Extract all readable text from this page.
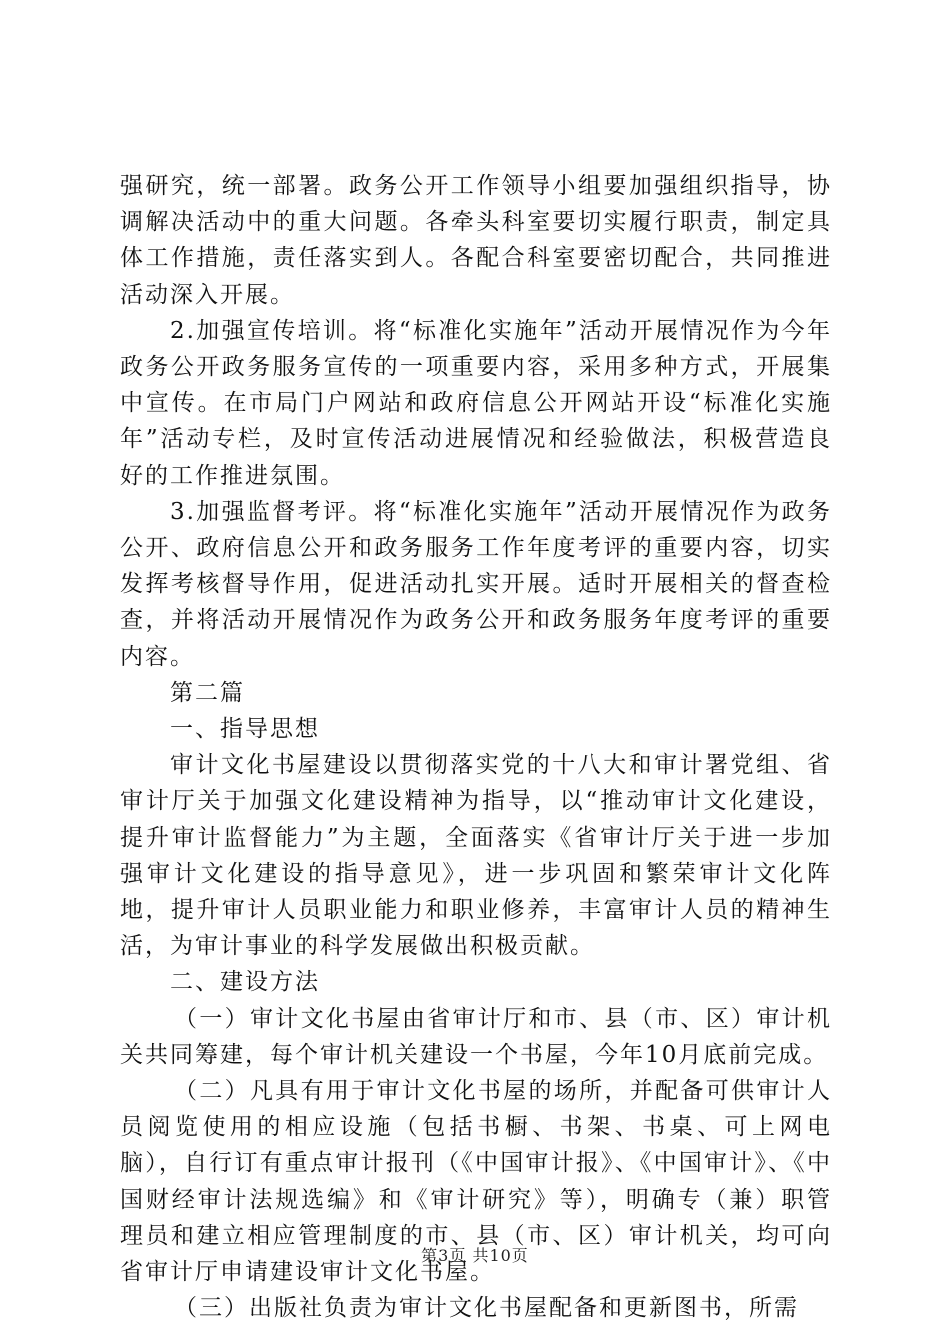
强研究，统一部署。政务公开工作领导小组要加强组织指导，协调解决活动中的重大问题。各牵头科室要切实履行职责，制定具体工作措施，责任落实到人。各配合科室要密切配合，共同推进活动深入开展。

2.加强宣传培训。将“标准化实施年”活动开展情况作为今年政务公开政务服务宣传的一项重要内容，采用多种方式，开展集中宣传。在市局门户网站和政府信息公开网站开设“标准化实施年”活动专栏，及时宣传活动进展情况和经验做法，积极营造良好的工作推进氛围。

3.加强监督考评。将“标准化实施年”活动开展情况作为政务公开、政府信息公开和政务服务工作年度考评的重要内容，切实发挥考核督导作用，促进活动扎实开展。适时开展相关的督查检查，并将活动开展情况作为政务公开和政务服务年度考评的重要内容。

第二篇

一、指导思想

审计文化书屋建设以贯彻落实党的十八大和审计署党组、省审计厅关于加强文化建设精神为指导，以“推动审计文化建设，提升审计监督能力”为主题，全面落实《省审计厅关于进一步加强审计文化建设的指导意见》，进一步巩固和繁荣审计文化阵地，提升审计人员职业能力和职业修养，丰富审计人员的精神生活，为审计事业的科学发展做出积极贡献。

二、建设方法

（一）审计文化书屋由省审计厅和市、县（市、区）审计机关共同筹建，每个审计机关建设一个书屋，今年10月底前完成。

（二）凡具有用于审计文化书屋的场所，并配备可供审计人员阅览使用的相应设施（包括书橱、书架、书桌、可上网电脑），自行订有重点审计报刊（《中国审计报》、《中国审计》、《中国财经审计法规选编》和《审计研究》等），明确专（兼）职管理员和建立相应管理制度的市、县（市、区）审计机关，均可向省审计厅申请建设审计文化书屋。

（三）出版社负责为审计文化书屋配备和更新图书，所需

第3页 共10页
